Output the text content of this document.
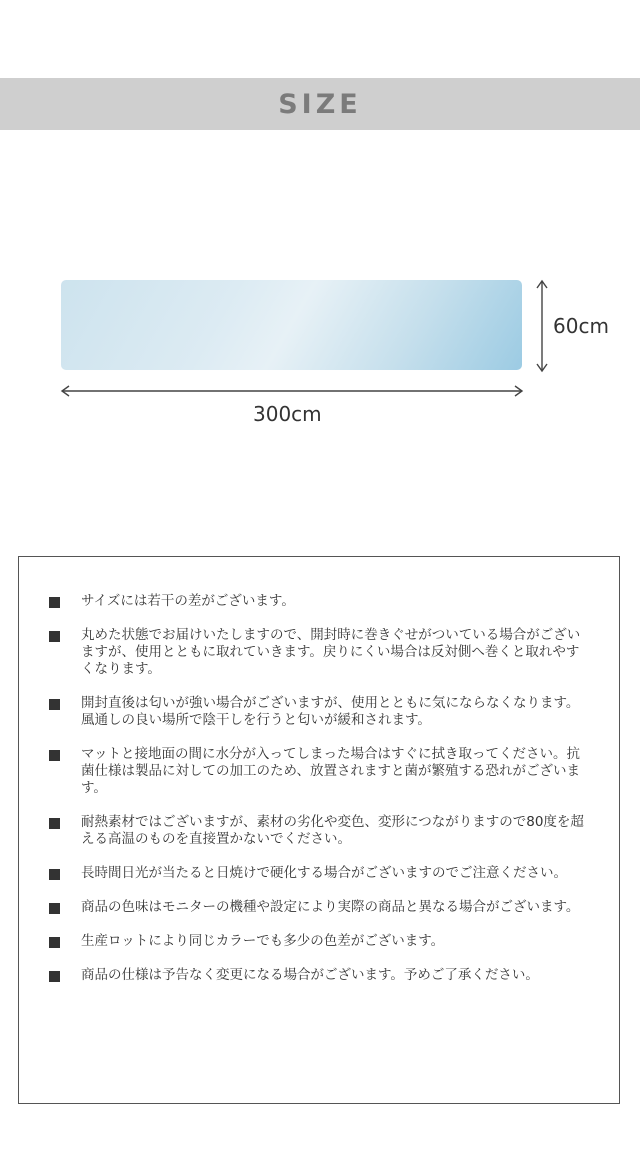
SIZE
60cm
300cm
サイズには若干の差がございます。
丸めた状態でお届けいたしますので、開封時に巻きぐせがついている場合がございますが、使用とともに取れていきます。戻りにくい場合は反対側へ巻くと取れやすくなります。
開封直後は匂いが強い場合がございますが、使用とともに気にならなくなります。風通しの良い場所で陰干しを行うと匂いが緩和されます。
マットと接地面の間に水分が入ってしまった場合はすぐに拭き取ってください。抗菌仕様は製品に対しての加工のため、放置されますと菌が繁殖する恐れがございます。
耐熱素材ではございますが、素材の劣化や変色、変形につながりますので80度を超える高温のものを直接置かないでください。
長時間日光が当たると日焼けで硬化する場合がございますのでご注意ください。
商品の色味はモニターの機種や設定により実際の商品と異なる場合がございます。
生産ロットにより同じカラーでも多少の色差がございます。
商品の仕様は予告なく変更になる場合がございます。予めご了承ください。
